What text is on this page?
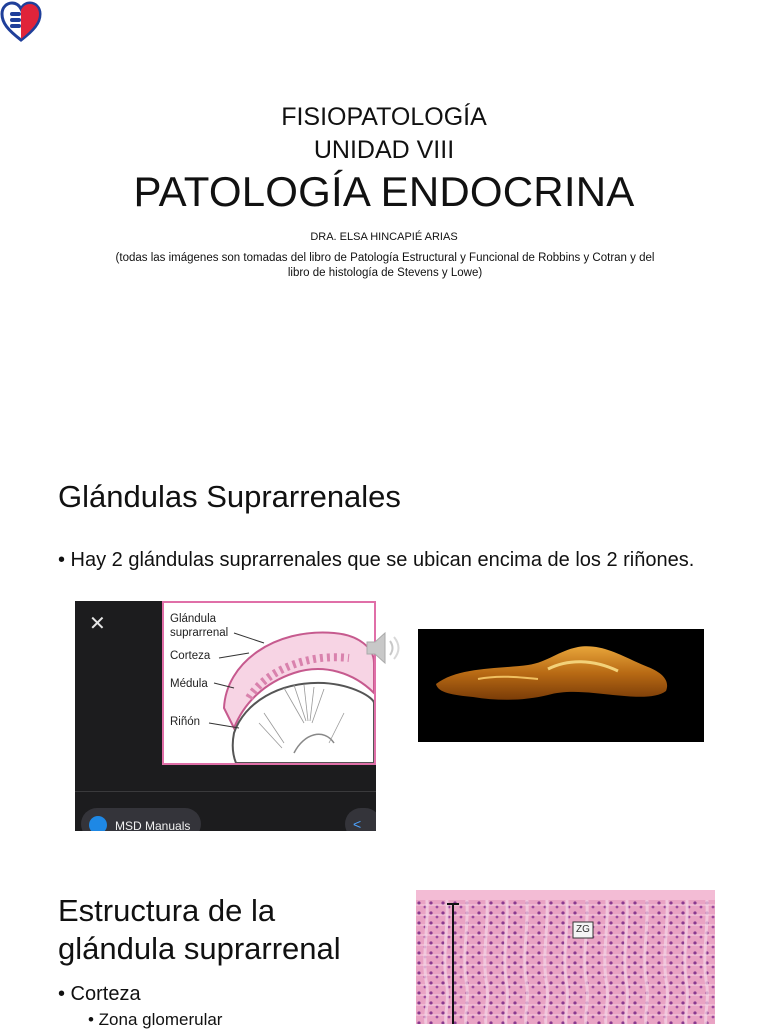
FISIOPATOLOGÍA
UNIDAD VIII
PATOLOGÍA ENDOCRINA
DRA. ELSA HINCAPIÉ ARIAS
(todas las imágenes son tomadas del libro de Patología Estructural y Funcional de Robbins y Cotran y del libro de histología de Stevens y Lowe)
Glándulas Suprarrenales
• Hay 2 glándulas suprarrenales que se ubican encima de los 2 riñones.
✕	Glándula
suprarrenal
Corteza
Médula
Riñón
MSD Manuals	<
Estructura de la
glándula suprarrenal
• Corteza
• Zona glomerular
ZG
